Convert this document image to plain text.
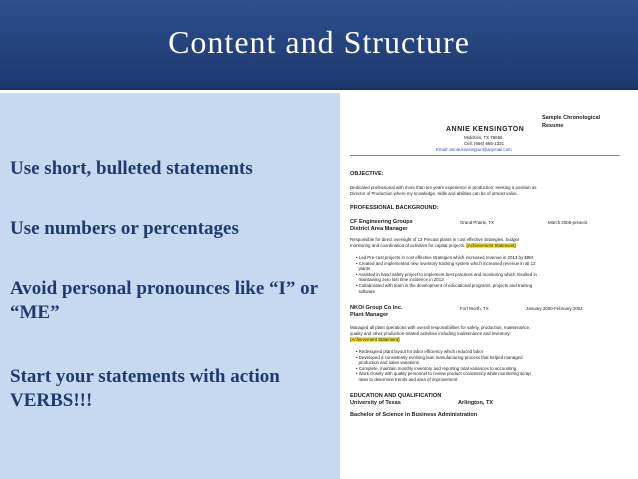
Content and Structure
Use short, bulleted statements
Use numbers or percentages
Avoid personal pronounces like “I” or “ME”
Start your statements with action VERBS!!!
Sample Chronological
Resume
ANNIE KENSINGTON
Midcities, TX 76666
Cell: (666) 666-1331
Email: annie.kensington@anymail.com
OBJECTIVE:
Dedicated professional with more than ten years experience in production; seeking a position as
Director of Production where my knowledge, skills and abilities can be of utmost value.
PROFESSIONAL BACKGROUND:
CF Engineering Groups	Grand Prairie, TX	March 2005-present
District Area Manager
Responsible for direct oversight of 13 Precast plants in cost effective strategies, budget
monitoring and coordination of activities for capital projects. (Achievement Statement)
• Led Pre-cast projects in cost effective strategies which increased revenue in 2013 by $8M
• Created and implemented new inventory tracking system which increased revenue in all 13
plants
• Assisted in hand safety project to implement best practices and monitoring which resulted in
maintaining zero lost time incidence in 2013
• Collaborated with team in the development of educational programs, projects and training
software
NKOI Group Co Inc.	Fort Worth, TX	January 2000-February 2002
Plant Manager
Managed all plant operations with overall responsibilities for safety, production, maintenance,
quality and other production-related activities including maintenance and inventory.
(Achievement Statement)
• Redesigned plant layout for labor efficiency which reduced labor
• Developed a consistently evolving lean manufacturing process that helped managed
production and sales variations
• Complete, maintain monthly inventory and reporting total variances to accounting
• Work closely with quality personnel to review product consistency while monitoring scrap
rates to determine trends and area of improvement
EDUCATION AND QUALIFICATION
University of Texas	Arlington, TX
Bachelor of Science in Business Administration
